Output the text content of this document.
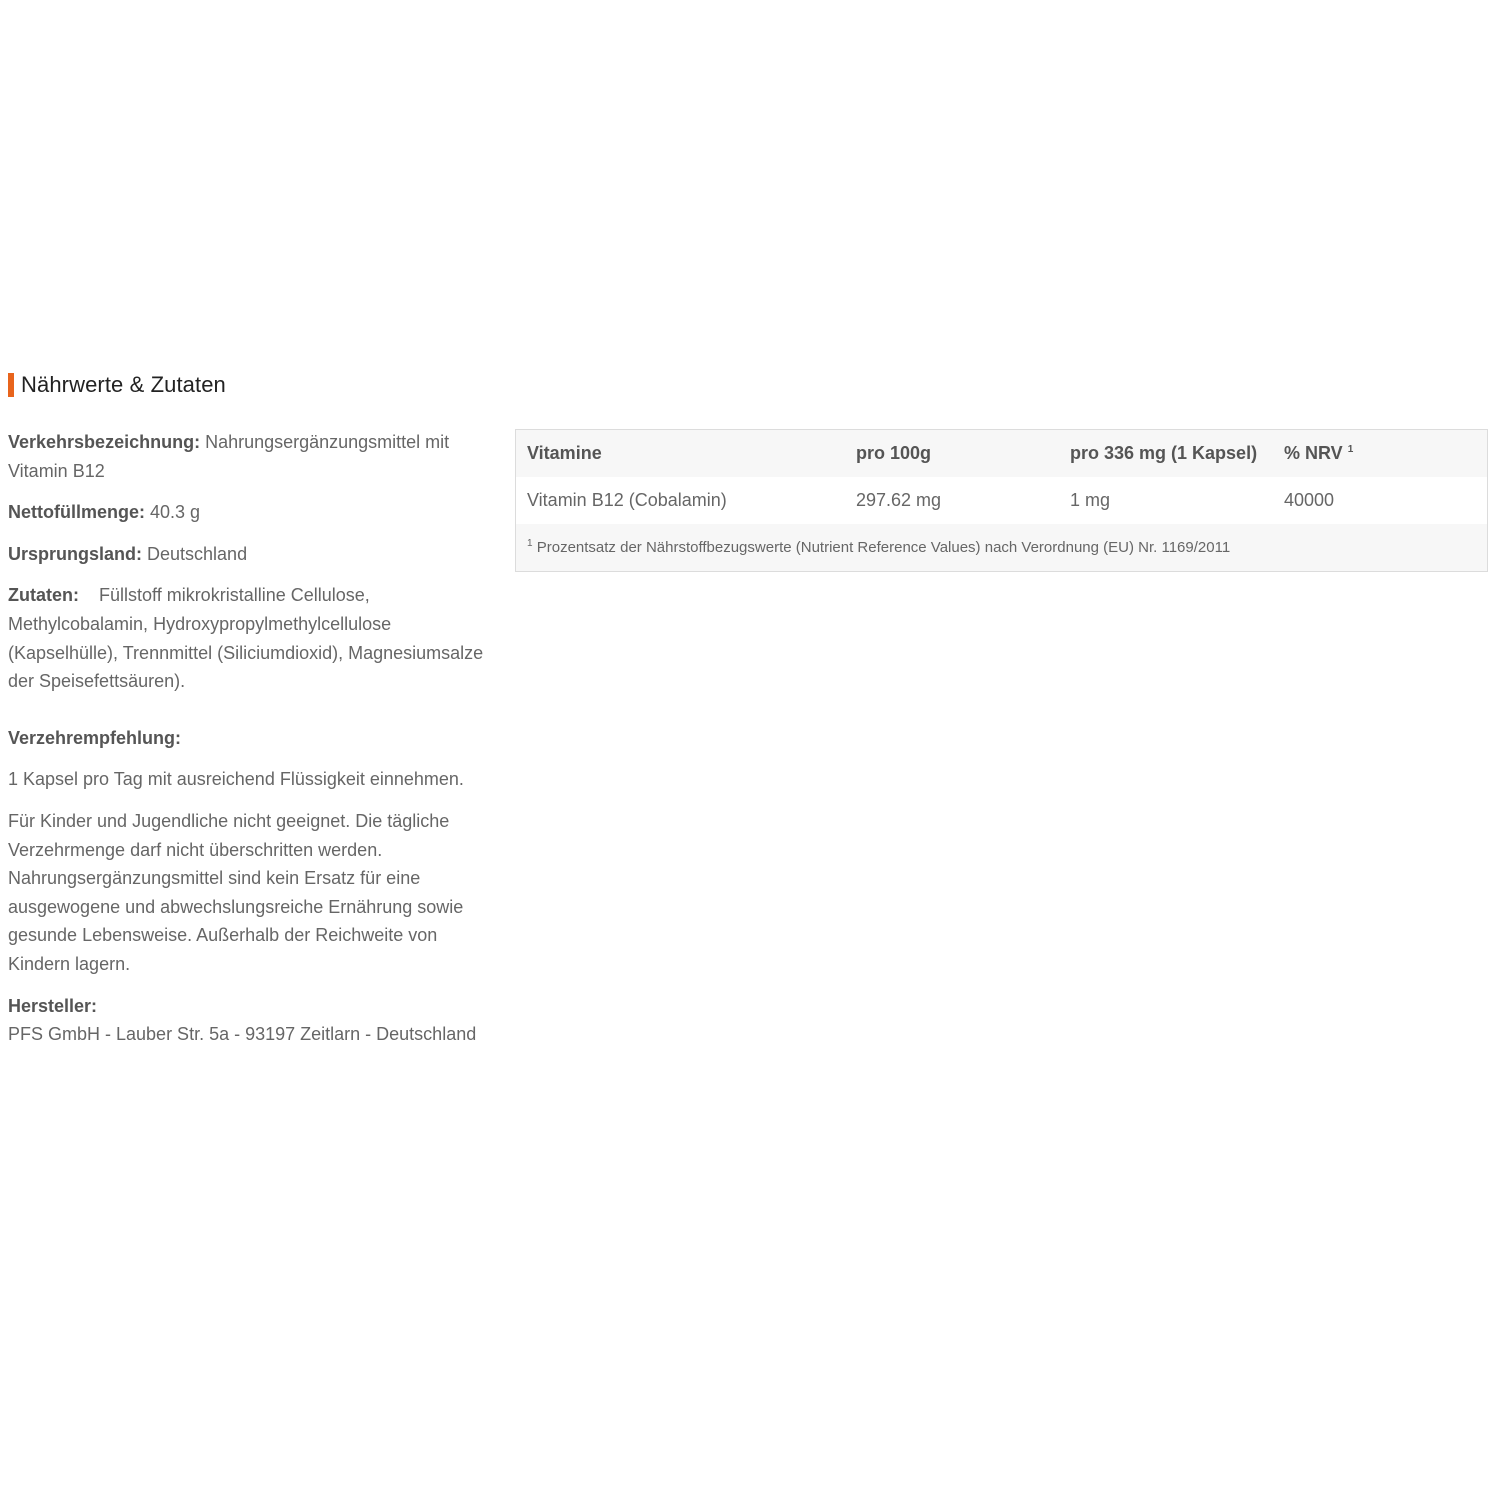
Nährwerte & Zutaten

Verkehrsbezeichnung: Nahrungsergänzungsmittel mit Vitamin B12

Nettofüllmenge: 40.3 g

Ursprungsland: Deutschland

Zutaten:    Füllstoff mikrokristalline Cellulose, Methylcobalamin, Hydroxypropylmethylcellulose (Kapselhülle), Trennmittel (Siliciumdioxid), Magnesiumsalze der Speisefettsäuren).

Verzehrempfehlung:

1 Kapsel pro Tag mit ausreichend Flüssigkeit einnehmen.

Für Kinder und Jugendliche nicht geeignet. Die tägliche Verzehrmenge darf nicht überschritten werden. Nahrungsergänzungsmittel sind kein Ersatz für eine ausgewogene und abwechslungsreiche Ernährung sowie gesunde Lebensweise. Außerhalb der Reichweite von Kindern lagern.

Hersteller:
PFS GmbH - Lauber Str. 5a - 93197 Zeitlarn - Deutschland

Vitamine	pro 100g	pro 336 mg (1 Kapsel)	% NRV $^1$
Vitamin B12 (Cobalamin)	297.62 mg	1 mg	40000
$^1$ Prozentsatz der Nährstoffbezugswerte (Nutrient Reference Values) nach Verordnung (EU) Nr. 1169/2011			
